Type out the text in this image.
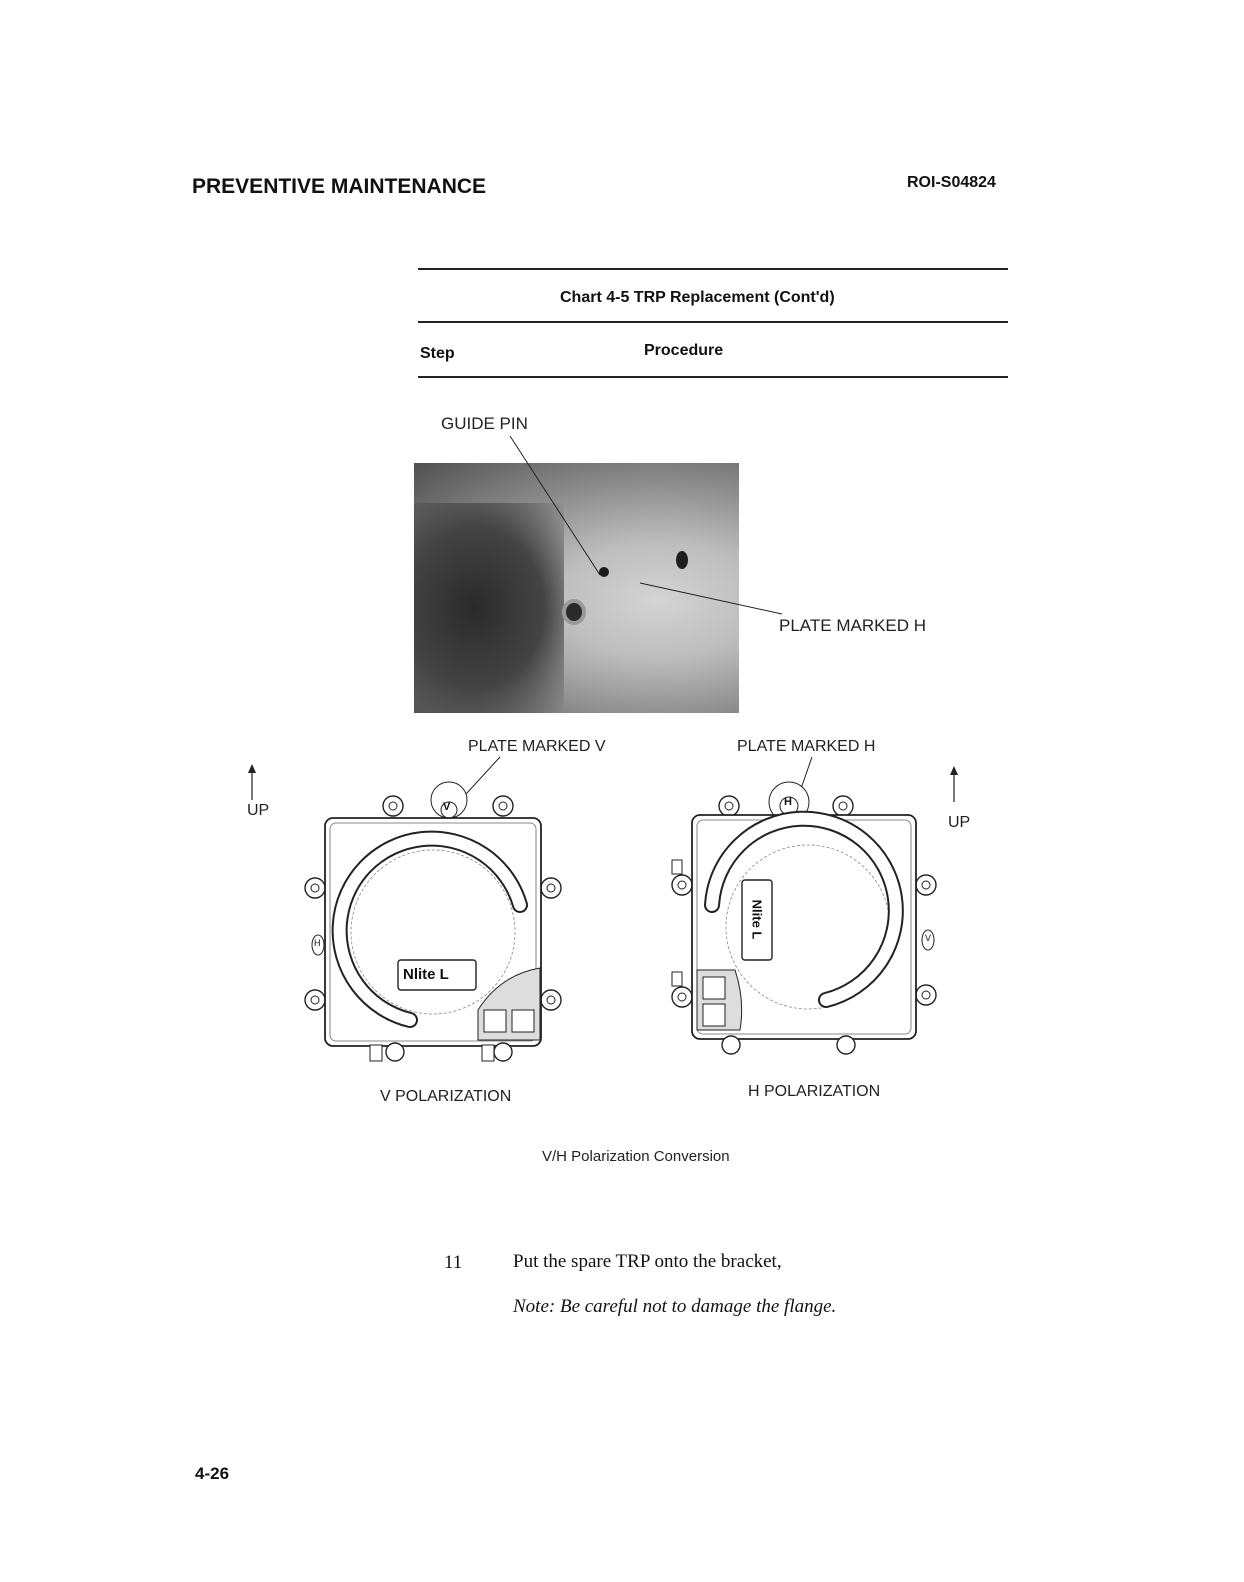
PREVENTIVE MAINTENANCE	ROI-S04824
Chart 4-5 TRP Replacement (Cont'd)
Step	Procedure
GUIDE PIN
PLATE MARKED H
PLATE MARKED V	PLATE MARKED H
UP
UP
V
H
Nlite L
H
V
Nlite L
V POLARIZATION	H POLARIZATION
V/H Polarization Conversion
11	Put the spare TRP onto the bracket,
Note: Be careful not to damage the flange.
4-26
